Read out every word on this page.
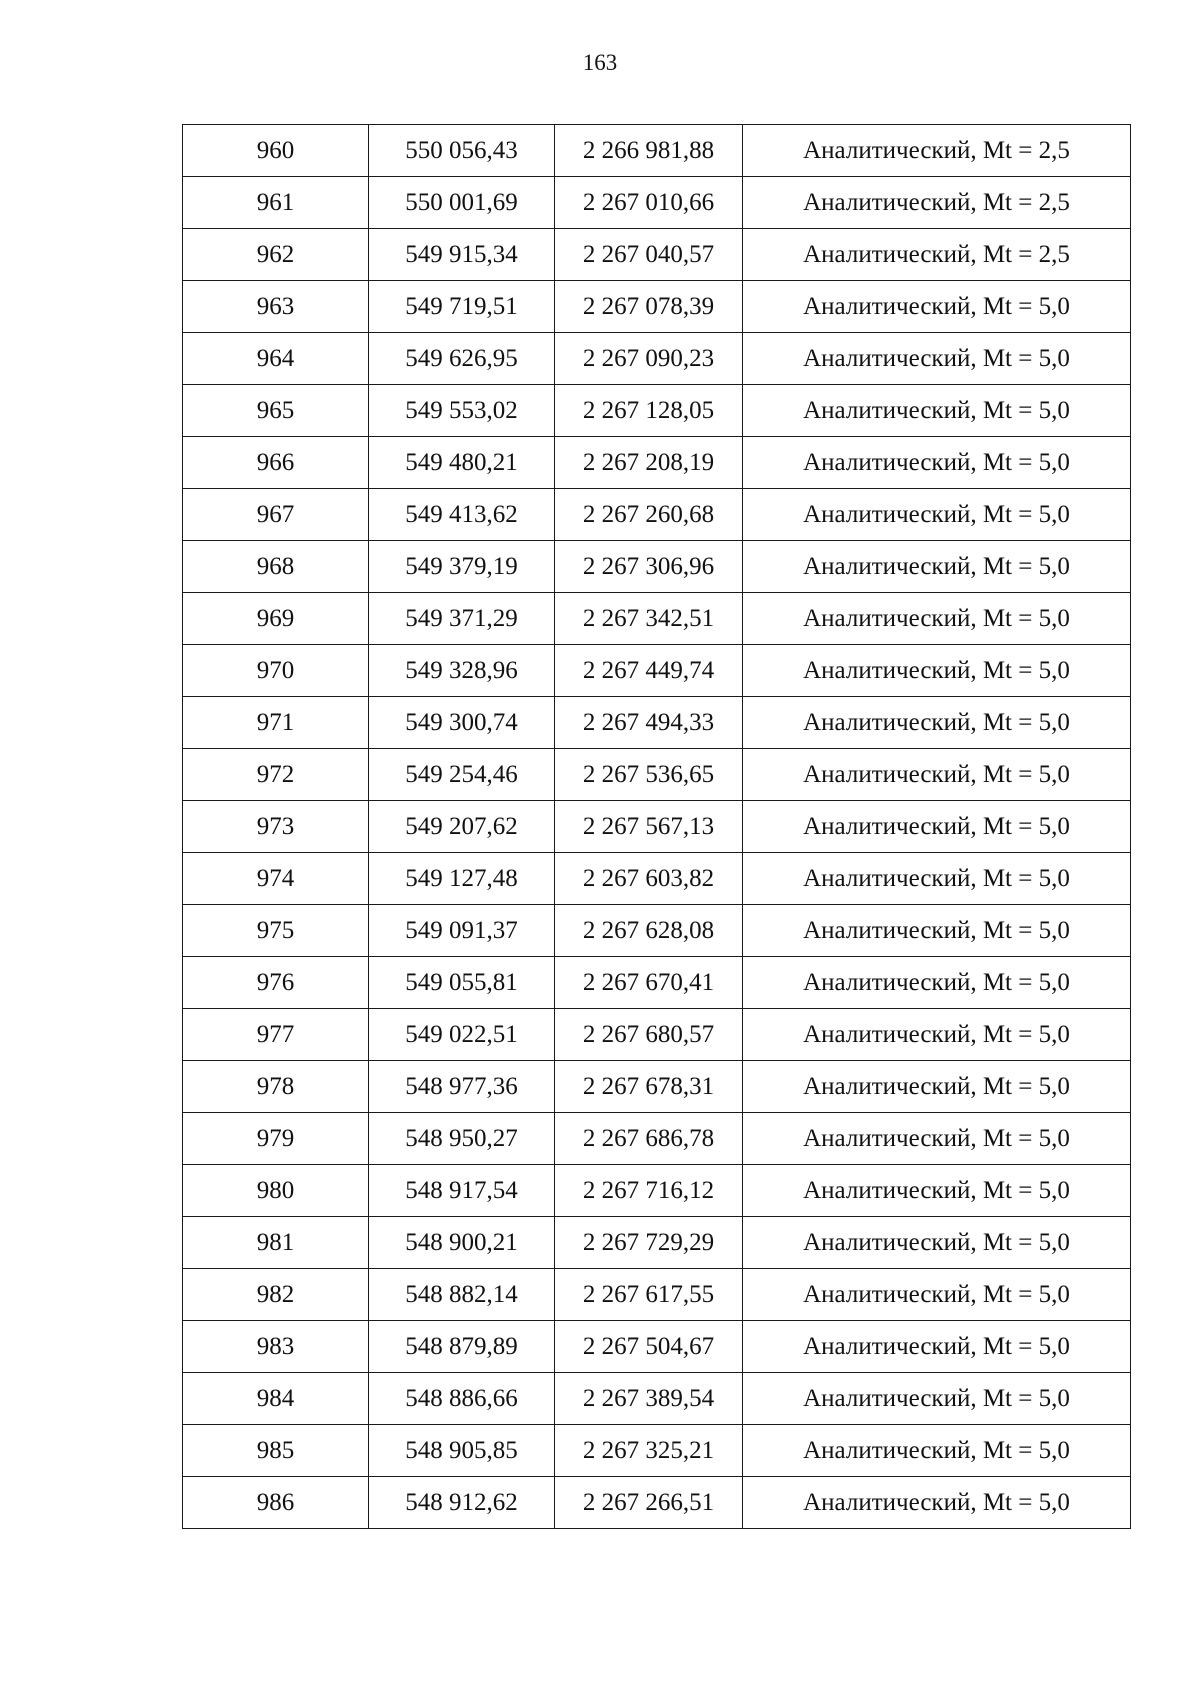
163
960	550 056,43	2 266 981,88	Аналитический, Mt = 2,5
961	550 001,69	2 267 010,66	Аналитический, Mt = 2,5
962	549 915,34	2 267 040,57	Аналитический, Mt = 2,5
963	549 719,51	2 267 078,39	Аналитический, Mt = 5,0
964	549 626,95	2 267 090,23	Аналитический, Mt = 5,0
965	549 553,02	2 267 128,05	Аналитический, Mt = 5,0
966	549 480,21	2 267 208,19	Аналитический, Mt = 5,0
967	549 413,62	2 267 260,68	Аналитический, Mt = 5,0
968	549 379,19	2 267 306,96	Аналитический, Mt = 5,0
969	549 371,29	2 267 342,51	Аналитический, Mt = 5,0
970	549 328,96	2 267 449,74	Аналитический, Mt = 5,0
971	549 300,74	2 267 494,33	Аналитический, Mt = 5,0
972	549 254,46	2 267 536,65	Аналитический, Mt = 5,0
973	549 207,62	2 267 567,13	Аналитический, Mt = 5,0
974	549 127,48	2 267 603,82	Аналитический, Mt = 5,0
975	549 091,37	2 267 628,08	Аналитический, Mt = 5,0
976	549 055,81	2 267 670,41	Аналитический, Mt = 5,0
977	549 022,51	2 267 680,57	Аналитический, Mt = 5,0
978	548 977,36	2 267 678,31	Аналитический, Mt = 5,0
979	548 950,27	2 267 686,78	Аналитический, Mt = 5,0
980	548 917,54	2 267 716,12	Аналитический, Mt = 5,0
981	548 900,21	2 267 729,29	Аналитический, Mt = 5,0
982	548 882,14	2 267 617,55	Аналитический, Mt = 5,0
983	548 879,89	2 267 504,67	Аналитический, Mt = 5,0
984	548 886,66	2 267 389,54	Аналитический, Mt = 5,0
985	548 905,85	2 267 325,21	Аналитический, Mt = 5,0
986	548 912,62	2 267 266,51	Аналитический, Mt = 5,0
